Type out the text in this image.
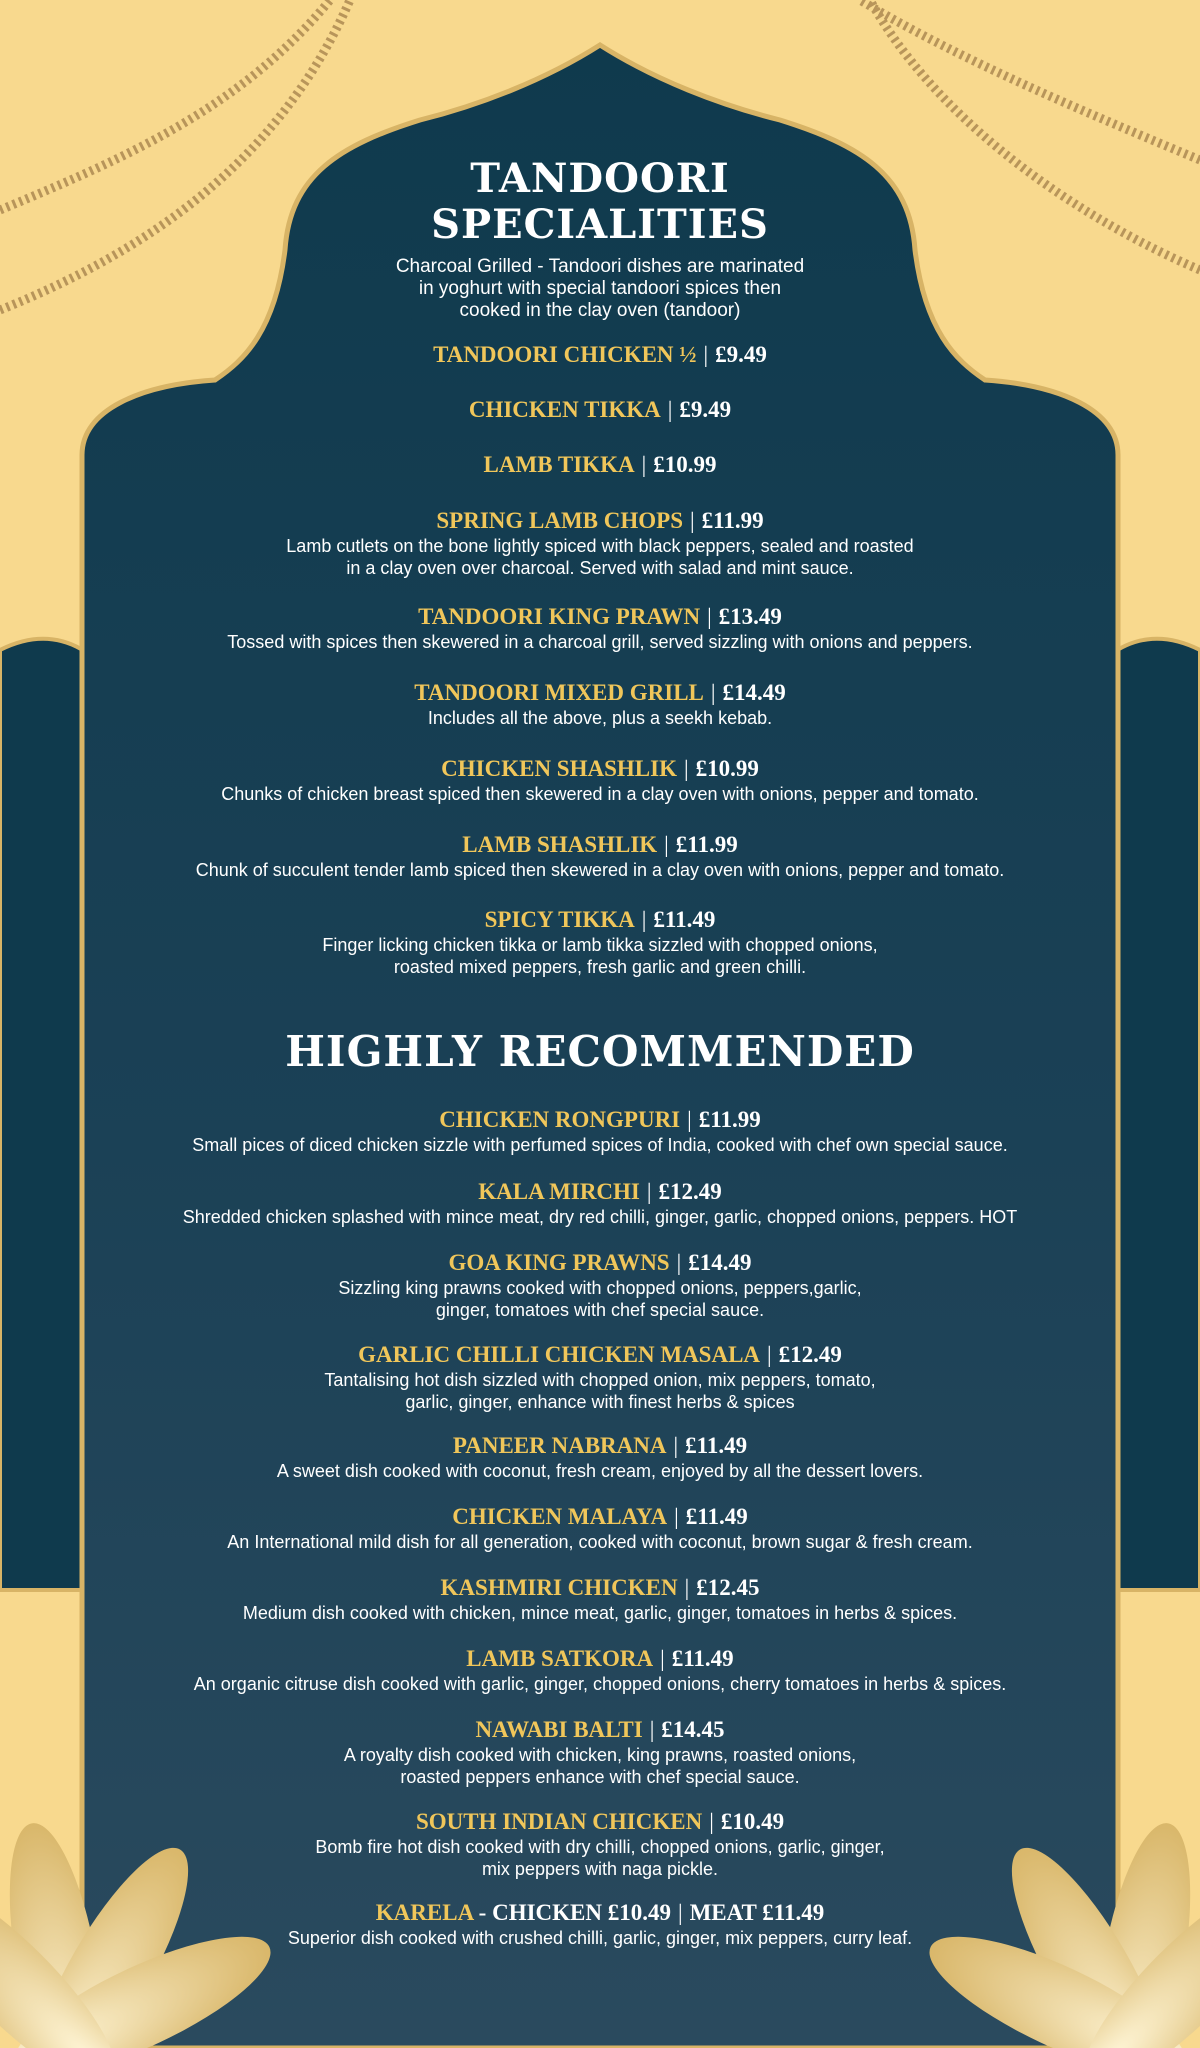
TANDOORI
SPECIALITIES
Charcoal Grilled - Tandoori dishes are marinated
in yoghurt with special tandoori spices then
cooked in the clay oven (tandoor)
TANDOORI CHICKEN ½ | £9.49
CHICKEN TIKKA | £9.49
LAMB TIKKA | £10.99
SPRING LAMB CHOPS | £11.99
Lamb cutlets on the bone lightly spiced with black peppers, sealed and roasted
in a clay oven over charcoal. Served with salad and mint sauce.
TANDOORI KING PRAWN | £13.49
Tossed with spices then skewered in a charcoal grill, served sizzling with onions and peppers.
TANDOORI MIXED GRILL | £14.49
Includes all the above, plus a seekh kebab.
CHICKEN SHASHLIK | £10.99
Chunks of chicken breast spiced then skewered in a clay oven with onions, pepper and tomato.
LAMB SHASHLIK | £11.99
Chunk of succulent tender lamb spiced then skewered in a clay oven with onions, pepper and tomato.
SPICY TIKKA | £11.49
Finger licking chicken tikka or lamb tikka sizzled with chopped onions,
roasted mixed peppers, fresh garlic and green chilli.
HIGHLY RECOMMENDED
CHICKEN RONGPURI | £11.99
Small pices of diced chicken sizzle with perfumed spices of India, cooked with chef own special sauce.
KALA MIRCHI | £12.49
Shredded chicken splashed with mince meat, dry red chilli, ginger, garlic, chopped onions, peppers. HOT
GOA KING PRAWNS | £14.49
Sizzling king prawns cooked with chopped onions, peppers,garlic,
ginger, tomatoes with chef special sauce.
GARLIC CHILLI CHICKEN MASALA | £12.49
Tantalising hot dish sizzled with chopped onion, mix peppers, tomato,
garlic, ginger, enhance with finest herbs & spices
PANEER NABRANA | £11.49
A sweet dish cooked with coconut, fresh cream, enjoyed by all the dessert lovers.
CHICKEN MALAYA | £11.49
An International mild dish for all generation, cooked with coconut, brown sugar & fresh cream.
KASHMIRI CHICKEN | £12.45
Medium dish cooked with chicken, mince meat, garlic, ginger, tomatoes in herbs & spices.
LAMB SATKORA | £11.49
An organic citruse dish cooked with garlic, ginger, chopped onions, cherry tomatoes in herbs & spices.
NAWABI BALTI | £14.45
A royalty dish cooked with chicken, king prawns, roasted onions,
roasted peppers enhance with chef special sauce.
SOUTH INDIAN CHICKEN | £10.49
Bomb fire hot dish cooked with dry chilli, chopped onions, garlic, ginger,
mix peppers with naga pickle.
KARELA - CHICKEN £10.49 | MEAT £11.49
Superior dish cooked with crushed chilli, garlic, ginger, mix peppers, curry leaf.
